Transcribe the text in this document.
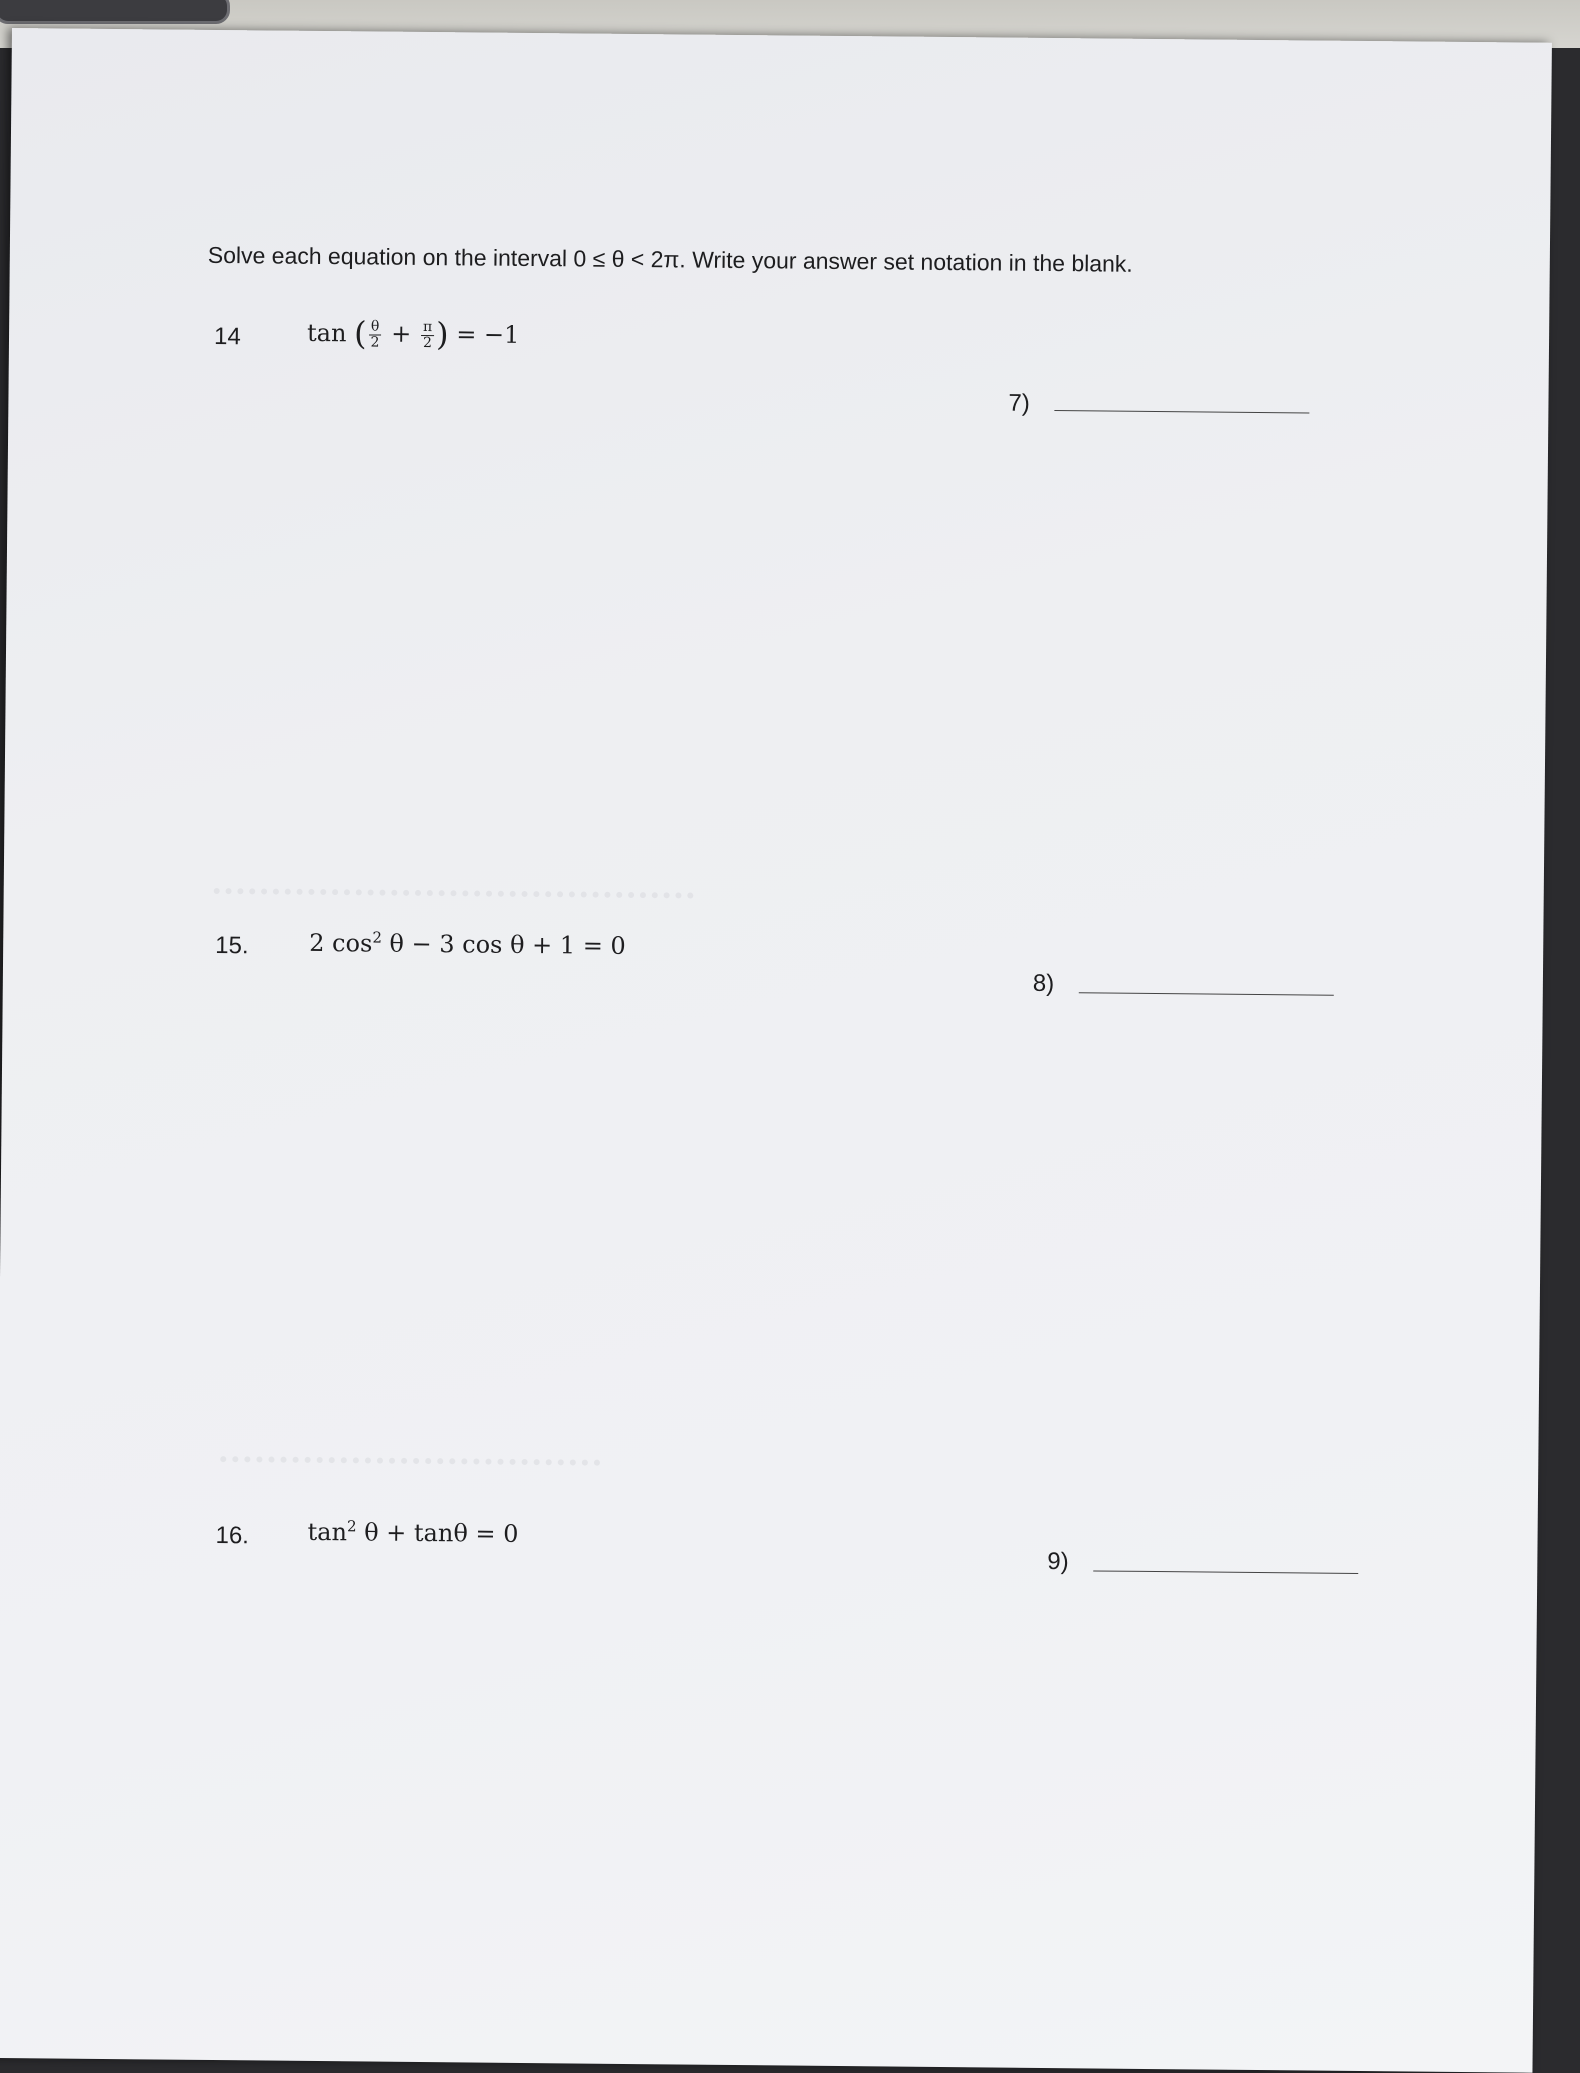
Solve each equation on the interval 0 ≤ θ < 2π. Write your answer set notation in the blank.
14	tan ( $\frac{\theta}{2} + \frac{\pi}{2}$ ) = −1
7)
15.	2 $\cos^2 \theta - 3$ cos θ + 1 = 0
8)
16. $\tan^2 \theta + \tan\theta = 0$
9)
